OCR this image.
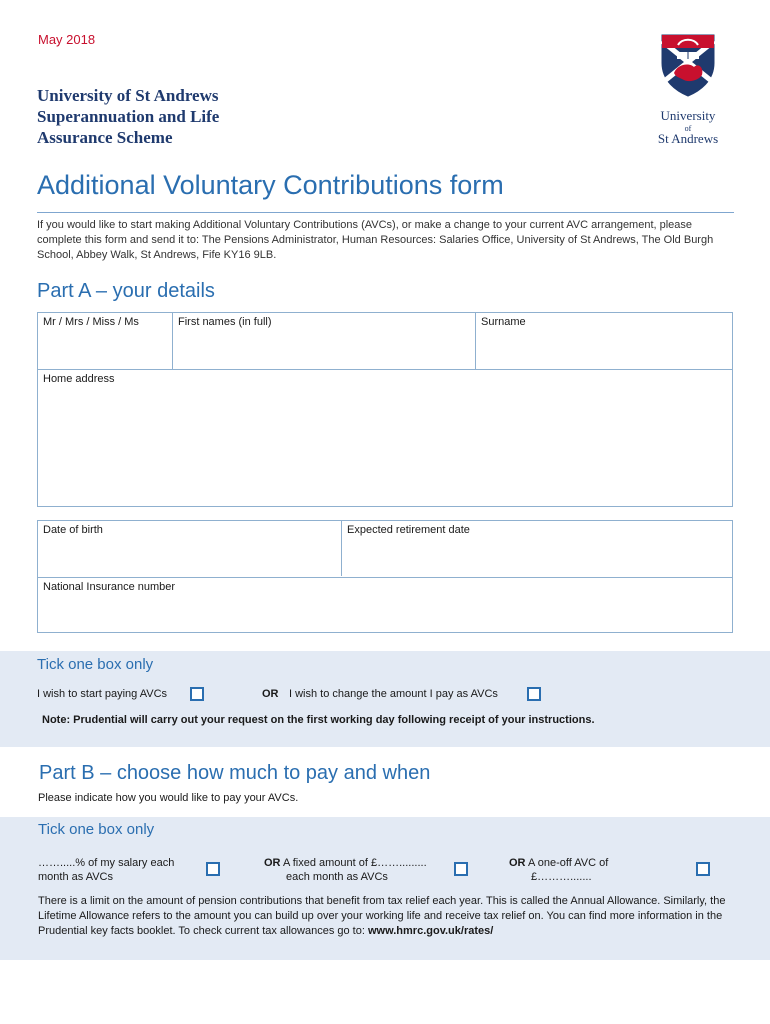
May 2018
University of St Andrews
Superannuation and Life
Assurance Scheme
University
of
St Andrews
Additional Voluntary Contributions form
If you would like to start making Additional Voluntary Contributions (AVCs), or make a change to your current AVC arrangement, please complete this form and send it to: The Pensions Administrator, Human Resources: Salaries Office, University of St Andrews, The Old Burgh School, Abbey Walk, St Andrews, Fife KY16 9LB.
Part A – your details
Mr / Mrs / Miss / Ms	First names (in full)	Surname
Home address
Date of birth	Expected retirement date
National Insurance number
Tick one box only
I wish to start paying AVCs	OR I wish to change the amount I pay as AVCs
Note: Prudential will carry out your request on the first working day following receipt of your instructions.
Part B – choose how much to pay and when
Please indicate how you would like to pay your AVCs.
Tick one box only
…….....% of my salary each
month as AVCs
OR A fixed amount of £…….........
each month as AVCs
OR A one-off AVC of
£……….......
There is a limit on the amount of pension contributions that benefit from tax relief each year. This is called the Annual Allowance. Similarly, the Lifetime Allowance refers to the amount you can build up over your working life and receive tax relief on. You can find more information in the Prudential key facts booklet. To check current tax allowances go to: www.hmrc.gov.uk/rates/
